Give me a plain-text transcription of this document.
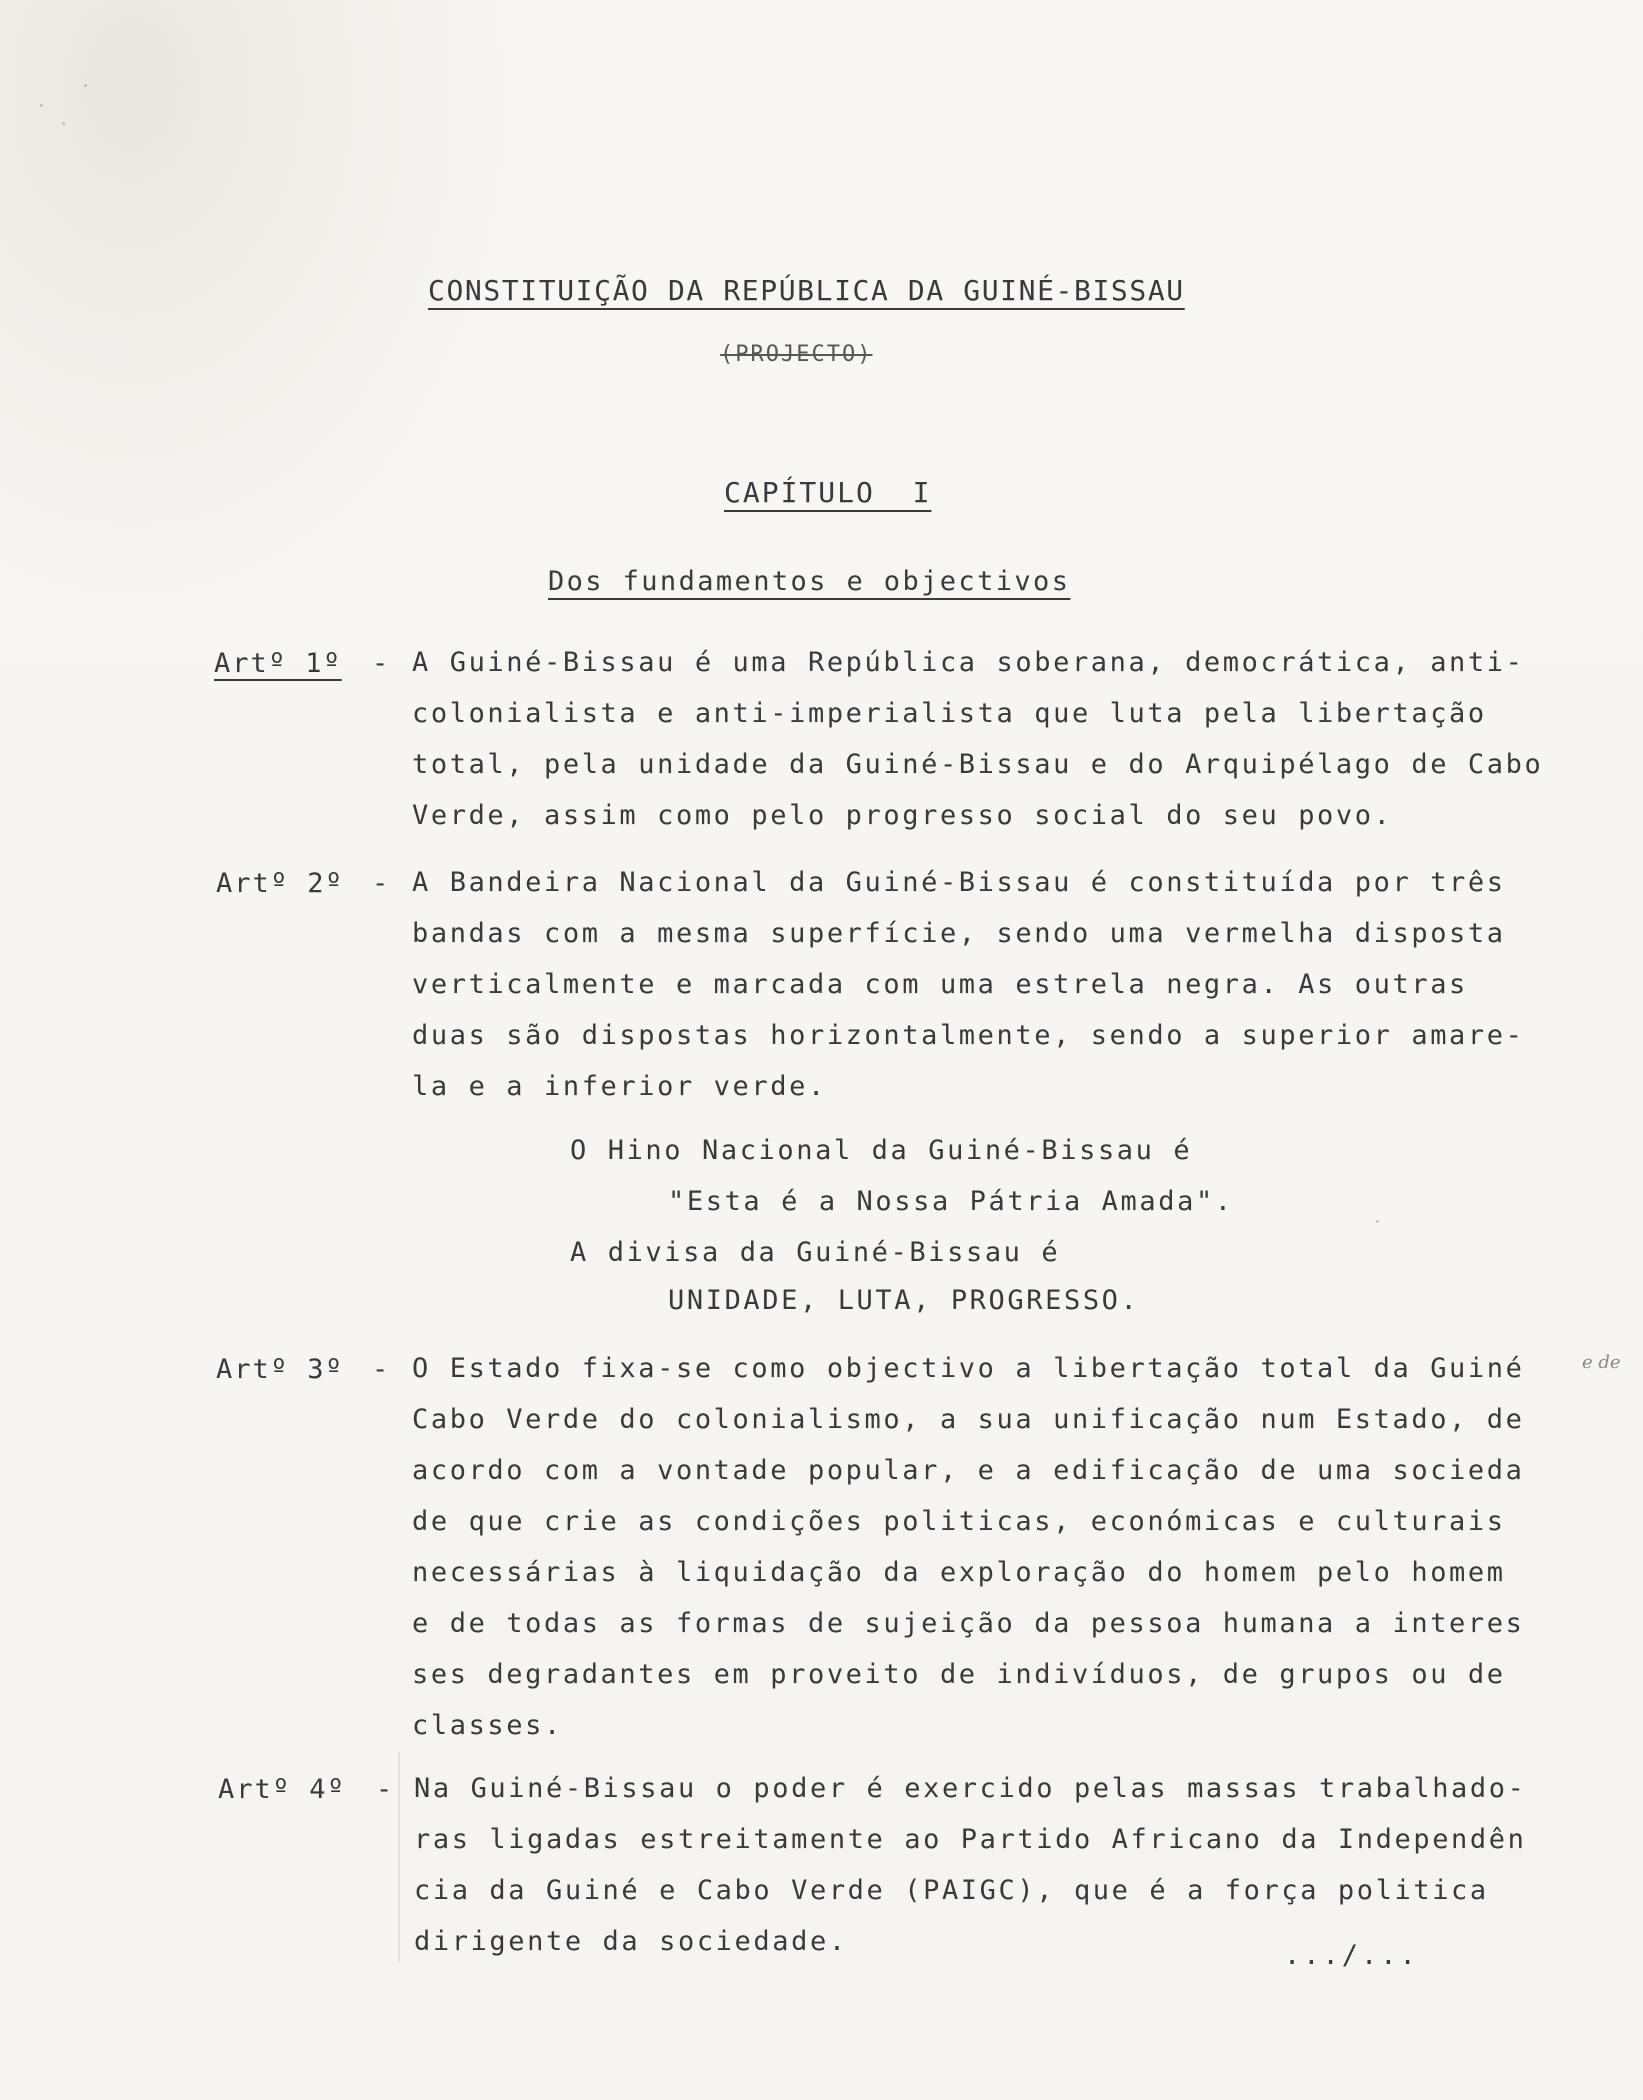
CONSTITUIÇÃO DA REPÚBLICA DA GUINÉ-BISSAU
(PROJECTO)
CAPÍTULO  I
Dos fundamentos e objectivos
Artº 1º - A Guiné-Bissau é uma República soberana, democrática, anti-
colonialista e anti-imperialista que luta pela libertação
total, pela unidade da Guiné-Bissau e do Arquipélago de Cabo
Verde, assim como pelo progresso social do seu povo.
Artº 2º - A Bandeira Nacional da Guiné-Bissau é constituída por três
bandas com a mesma superfície, sendo uma vermelha disposta
verticalmente e marcada com uma estrela negra. As outras
duas são dispostas horizontalmente, sendo a superior amare-
la e a inferior verde.
O Hino Nacional da Guiné-Bissau é
"Esta é a Nossa Pátria Amada".
A divisa da Guiné-Bissau é
UNIDADE, LUTA, PROGRESSO.
Artº 3º - O Estado fixa-se como objectivo a libertação total da Guiné	e de
Cabo Verde do colonialismo, a sua unificação num Estado, de
acordo com a vontade popular, e a edificação de uma socieda
de que crie as condições politicas, económicas e culturais
necessárias à liquidação da exploração do homem pelo homem
e de todas as formas de sujeição da pessoa humana a interes
ses degradantes em proveito de indivíduos, de grupos ou de
classes.
Artº 4º - Na Guiné-Bissau o poder é exercido pelas massas trabalhado-
ras ligadas estreitamente ao Partido Africano da Independên
cia da Guiné e Cabo Verde (PAIGC), que é a força politica
dirigente da sociedade.	.../...
